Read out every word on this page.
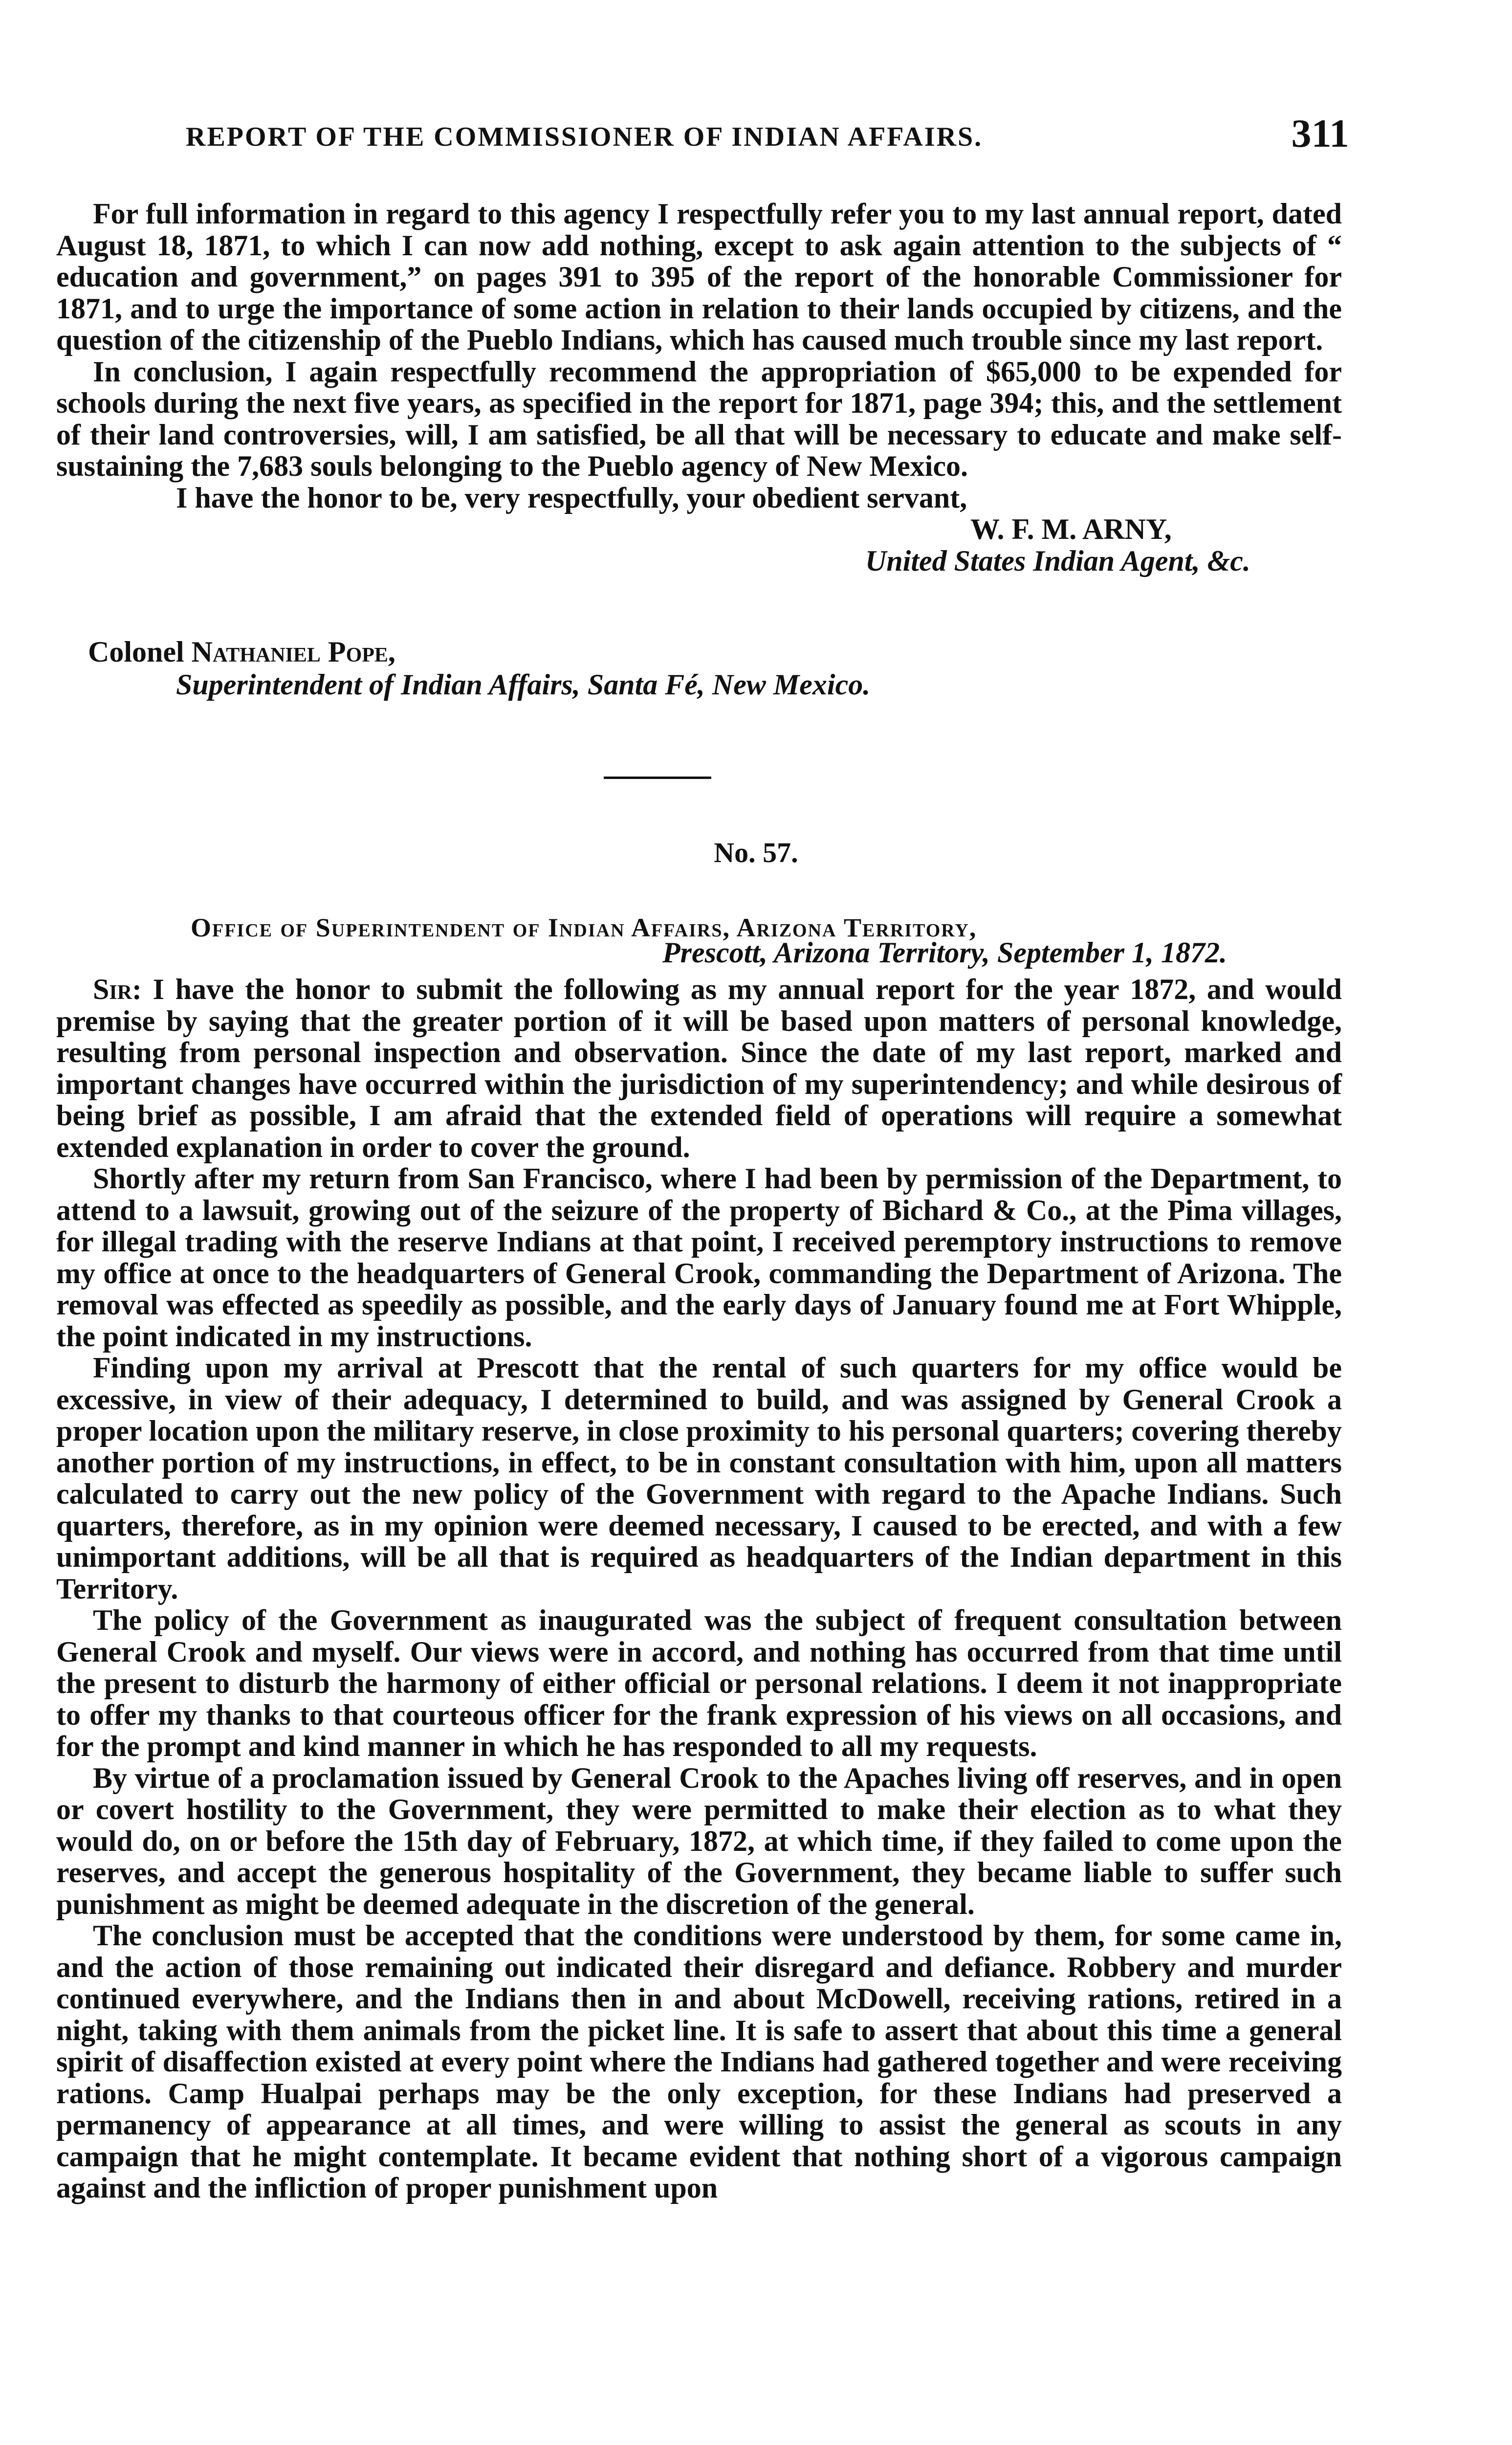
REPORT OF THE COMMISSIONER OF INDIAN AFFAIRS.	311

For full information in regard to this agency I respectfully refer you to my last annual report, dated August 18, 1871, to which I can now add nothing, except to ask again attention to the subjects of “ education and government,” on pages 391 to 395 of the report of the honorable Commissioner for 1871, and to urge the importance of some action in relation to their lands occupied by citizens, and the question of the citizenship of the Pueblo Indians, which has caused much trouble since my last report.

In conclusion, I again respectfully recommend the appropriation of $65,000 to be expended for schools during the next five years, as specified in the report for 1871, page 394; this, and the settlement of their land controversies, will, I am satisfied, be all that will be necessary to educate and make self-sustaining the 7,683 souls belonging to the Pueblo agency of New Mexico.

I have the honor to be, very respectfully, your obedient servant,
W. F. M. ARNY,
United States Indian Agent, &c.
Colonel Nathaniel Pope,
Superintendent of Indian Affairs, Santa Fé, New Mexico.
No. 57.
Office of Superintendent of Indian Affairs, Arizona Territory,
Prescott, Arizona Territory, September 1, 1872.

Sir: I have the honor to submit the following as my annual report for the year 1872, and would premise by saying that the greater portion of it will be based upon matters of personal knowledge, resulting from personal inspection and observation. Since the date of my last report, marked and important changes have occurred within the jurisdiction of my superintendency; and while desirous of being brief as possible, I am afraid that the extended field of operations will require a somewhat extended explanation in order to cover the ground.

Shortly after my return from San Francisco, where I had been by permission of the Department, to attend to a lawsuit, growing out of the seizure of the property of Bichard & Co., at the Pima villages, for illegal trading with the reserve Indians at that point, I received peremptory instructions to remove my office at once to the headquarters of General Crook, commanding the Department of Arizona. The removal was effected as speedily as possible, and the early days of January found me at Fort Whipple, the point indicated in my instructions.

Finding upon my arrival at Prescott that the rental of such quarters for my office would be excessive, in view of their adequacy, I determined to build, and was assigned by General Crook a proper location upon the military reserve, in close proximity to his personal quarters; covering thereby another portion of my instructions, in effect, to be in constant consultation with him, upon all matters calculated to carry out the new policy of the Government with regard to the Apache Indians. Such quarters, therefore, as in my opinion were deemed necessary, I caused to be erected, and with a few unimportant additions, will be all that is required as headquarters of the Indian department in this Territory.

The policy of the Government as inaugurated was the subject of frequent consultation between General Crook and myself. Our views were in accord, and nothing has occurred from that time until the present to disturb the harmony of either official or personal relations. I deem it not inappropriate to offer my thanks to that courteous officer for the frank expression of his views on all occasions, and for the prompt and kind manner in which he has responded to all my requests.

By virtue of a proclamation issued by General Crook to the Apaches living off reserves, and in open or covert hostility to the Government, they were permitted to make their election as to what they would do, on or before the 15th day of February, 1872, at which time, if they failed to come upon the reserves, and accept the generous hospitality of the Government, they became liable to suffer such punishment as might be deemed adequate in the discretion of the general.

The conclusion must be accepted that the conditions were understood by them, for some came in, and the action of those remaining out indicated their disregard and defiance. Robbery and murder continued everywhere, and the Indians then in and about McDowell, receiving rations, retired in a night, taking with them animals from the picket line. It is safe to assert that about this time a general spirit of disaffection existed at every point where the Indians had gathered together and were receiving rations. Camp Hualpai perhaps may be the only exception, for these Indians had preserved a permanency of appearance at all times, and were willing to assist the general as scouts in any campaign that he might contemplate. It became evident that nothing short of a vigorous campaign against and the infliction of proper punishment upon
